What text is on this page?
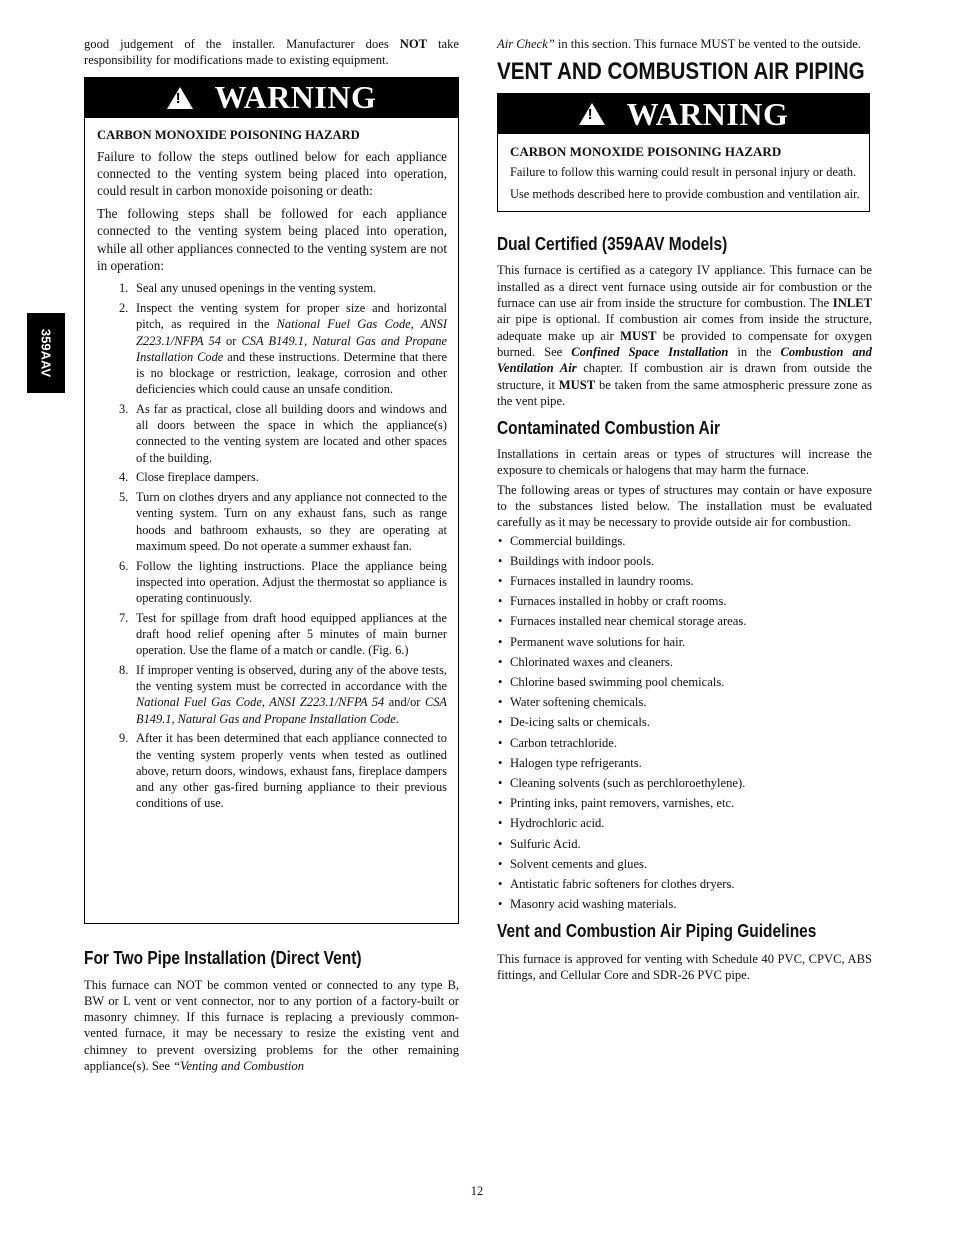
359AAV

good judgement of the installer. Manufacturer does NOT take responsibility for modifications made to existing equipment.

! WARNING

CARBON MONOXIDE POISONING HAZARD

Failure to follow the steps outlined below for each appliance connected to the venting system being placed into operation, could result in carbon monoxide poisoning or death:

The following steps shall be followed for each appliance connected to the venting system being placed into operation, while all other appliances connected to the venting system are not in operation:

1. Seal any unused openings in the venting system.
2. Inspect the venting system for proper size and horizontal pitch, as required in the National Fuel Gas Code, ANSI Z223.1/NFPA 54 or CSA B149.1, Natural Gas and Propane Installation Code and these instructions. Determine that there is no blockage or restriction, leakage, corrosion and other deficiencies which could cause an unsafe condition.
3. As far as practical, close all building doors and windows and all doors between the space in which the appliance(s) connected to the venting system are located and other spaces of the building.
4. Close fireplace dampers.
5. Turn on clothes dryers and any appliance not connected to the venting system. Turn on any exhaust fans, such as range hoods and bathroom exhausts, so they are operating at maximum speed. Do not operate a summer exhaust fan.
6. Follow the lighting instructions. Place the appliance being inspected into operation. Adjust the thermostat so appliance is operating continuously.
7. Test for spillage from draft hood equipped appliances at the draft hood relief opening after 5 minutes of main burner operation. Use the flame of a match or candle. (Fig. 6.)
8. If improper venting is observed, during any of the above tests, the venting system must be corrected in accordance with the National Fuel Gas Code, ANSI Z223.1/NFPA 54 and/or CSA B149.1, Natural Gas and Propane Installation Code.
9. After it has been determined that each appliance connected to the venting system properly vents when tested as outlined above, return doors, windows, exhaust fans, fireplace dampers and any other gas-fired burning appliance to their previous conditions of use.
For Two Pipe Installation (Direct Vent)

This furnace can NOT be common vented or connected to any type B, BW or L vent or vent connector, nor to any portion of a factory-built or masonry chimney. If this furnace is replacing a previously common-vented furnace, it may be necessary to resize the existing vent and chimney to prevent oversizing problems for the other remaining appliance(s). See “Venting and Combustion

Air Check” in this section. This furnace MUST be vented to the outside.

VENT AND COMBUSTION AIR PIPING
! WARNING

CARBON MONOXIDE POISONING HAZARD

Failure to follow this warning could result in personal injury or death.

Use methods described here to provide combustion and ventilation air.

Dual Certified (359AAV Models)

This furnace is certified as a category IV appliance. This furnace can be installed as a direct vent furnace using outside air for combustion or the furnace can use air from inside the structure for combustion. The INLET air pipe is optional. If combustion air comes from inside the structure, adequate make up air MUST be provided to compensate for oxygen burned. See Confined Space Installation in the Combustion and Ventilation Air chapter. If combustion air is drawn from outside the structure, it MUST be taken from the same atmospheric pressure zone as the vent pipe.

Contaminated Combustion Air

Installations in certain areas or types of structures will increase the exposure to chemicals or halogens that may harm the furnace.

The following areas or types of structures may contain or have exposure to the substances listed below. The installation must be evaluated carefully as it may be necessary to provide outside air for combustion.

• Commercial buildings.
• Buildings with indoor pools.
• Furnaces installed in laundry rooms.
• Furnaces installed in hobby or craft rooms.
• Furnaces installed near chemical storage areas.
• Permanent wave solutions for hair.
• Chlorinated waxes and cleaners.
• Chlorine based swimming pool chemicals.
• Water softening chemicals.
• De-icing salts or chemicals.
• Carbon tetrachloride.
• Halogen type refrigerants.
• Cleaning solvents (such as perchloroethylene).
• Printing inks, paint removers, varnishes, etc.
• Hydrochloric acid.
• Sulfuric Acid.
• Solvent cements and glues.
• Antistatic fabric softeners for clothes dryers.
• Masonry acid washing materials.
Vent and Combustion Air Piping Guidelines

This furnace is approved for venting with Schedule 40 PVC, CPVC, ABS fittings, and Cellular Core and SDR-26 PVC pipe.

12
